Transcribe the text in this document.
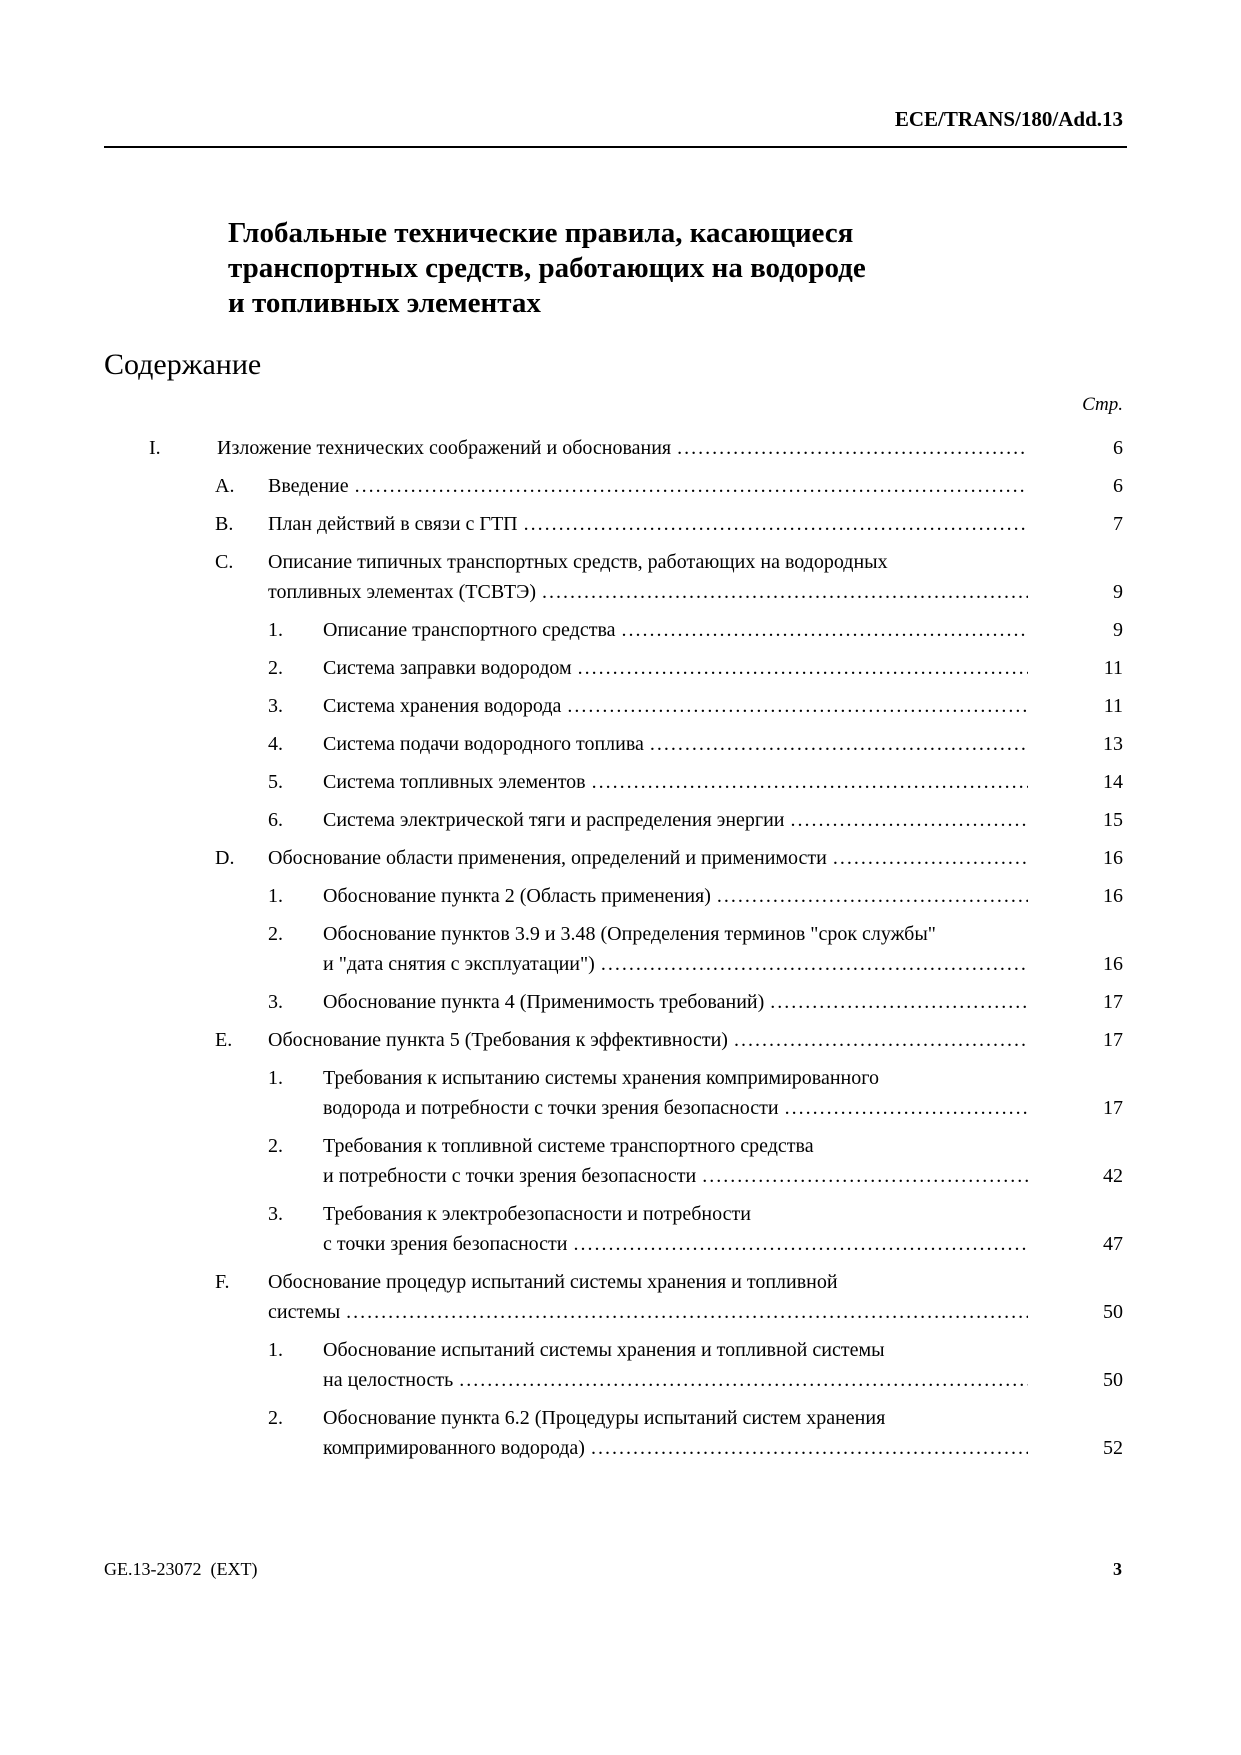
ECE/TRANS/180/Add.13
Глобальные технические правила, касающиеся
транспортных средств, работающих на водороде
и топливных элементах
Содержание
Стр.
I.	Изложение технических соображений и обоснования .....	6
A.	Введение .....	6
B.	План действий в связи с ГТП .....	7
C.	Описание типичных транспортных средств, работающих на водородных
топливных элементах (ТСВТЭ) .....	9
1.	Описание транспортного средства .....	9
2.	Система заправки водородом .....	11
3.	Система хранения водорода .....	11
4.	Система подачи водородного топлива .....	13
5.	Система топливных элементов .....	14
6.	Система электрической тяги и распределения энергии .....	15
D.	Обоснование области применения, определений и применимости .....	16
1.	Обоснование пункта 2 (Область применения) .....	16
2.	Обоснование пунктов 3.9 и 3.48 (Определения терминов "срок службы"
и "дата снятия с эксплуатации") .....	16
3.	Обоснование пункта 4 (Применимость требований) .....	17
E.	Обоснование пункта 5 (Требования к эффективности) .....	17
1.	Требования к испытанию системы хранения компримированного
водорода и потребности с точки зрения безопасности .....	17
2.	Требования к топливной системе транспортного средства
и потребности с точки зрения безопасности .....	42
3.	Требования к электробезопасности и потребности
с точки зрения безопасности .....	47
F.	Обоснование процедур испытаний системы хранения и топливной
системы .....	50
1.	Обоснование испытаний системы хранения и топливной системы
на целостность .....	50
2.	Обоснование пункта 6.2 (Процедуры испытаний систем хранения
компримированного водорода) .....	52
GE.13-23072  (EXT)	3
